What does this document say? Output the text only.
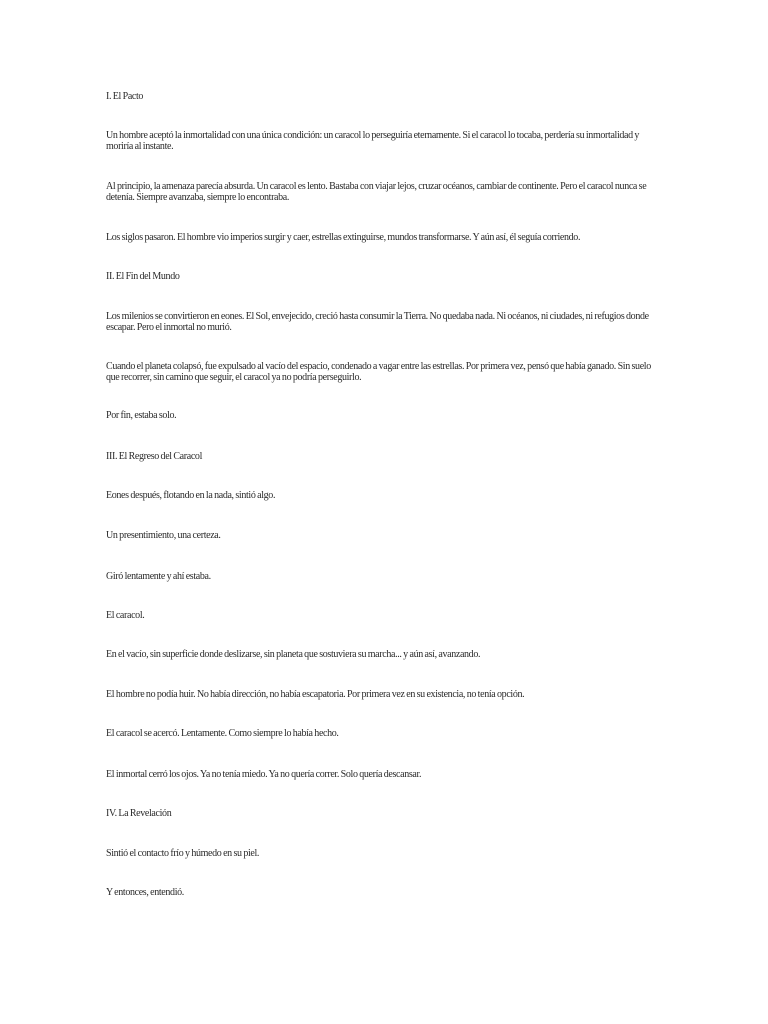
I. El Pacto

Un hombre aceptó la inmortalidad con una única condición: un caracol lo perseguiría eternamente. Si el caracol lo tocaba, perdería su inmortalidad y moriría al instante.

Al principio, la amenaza parecía absurda. Un caracol es lento. Bastaba con viajar lejos, cruzar océanos, cambiar de continente. Pero el caracol nunca se detenía. Siempre avanzaba, siempre lo encontraba.

Los siglos pasaron. El hombre vio imperios surgir y caer, estrellas extinguirse, mundos transformarse. Y aún así, él seguía corriendo.

II. El Fin del Mundo

Los milenios se convirtieron en eones. El Sol, envejecido, creció hasta consumir la Tierra. No quedaba nada. Ni océanos, ni ciudades, ni refugios donde escapar. Pero el inmortal no murió.

Cuando el planeta colapsó, fue expulsado al vacío del espacio, condenado a vagar entre las estrellas. Por primera vez, pensó que había ganado. Sin suelo que recorrer, sin camino que seguir, el caracol ya no podría perseguirlo.

Por fin, estaba solo.

III. El Regreso del Caracol

Eones después, flotando en la nada, sintió algo.

Un presentimiento, una certeza.

Giró lentamente y ahí estaba.

El caracol.

En el vacío, sin superficie donde deslizarse, sin planeta que sostuviera su marcha... y aún así, avanzando.

El hombre no podía huir. No había dirección, no había escapatoria. Por primera vez en su existencia, no tenía opción.

El caracol se acercó. Lentamente. Como siempre lo había hecho.

El inmortal cerró los ojos. Ya no tenía miedo. Ya no quería correr. Solo quería descansar.

IV. La Revelación

Sintió el contacto frío y húmedo en su piel.

Y entonces, entendió.
